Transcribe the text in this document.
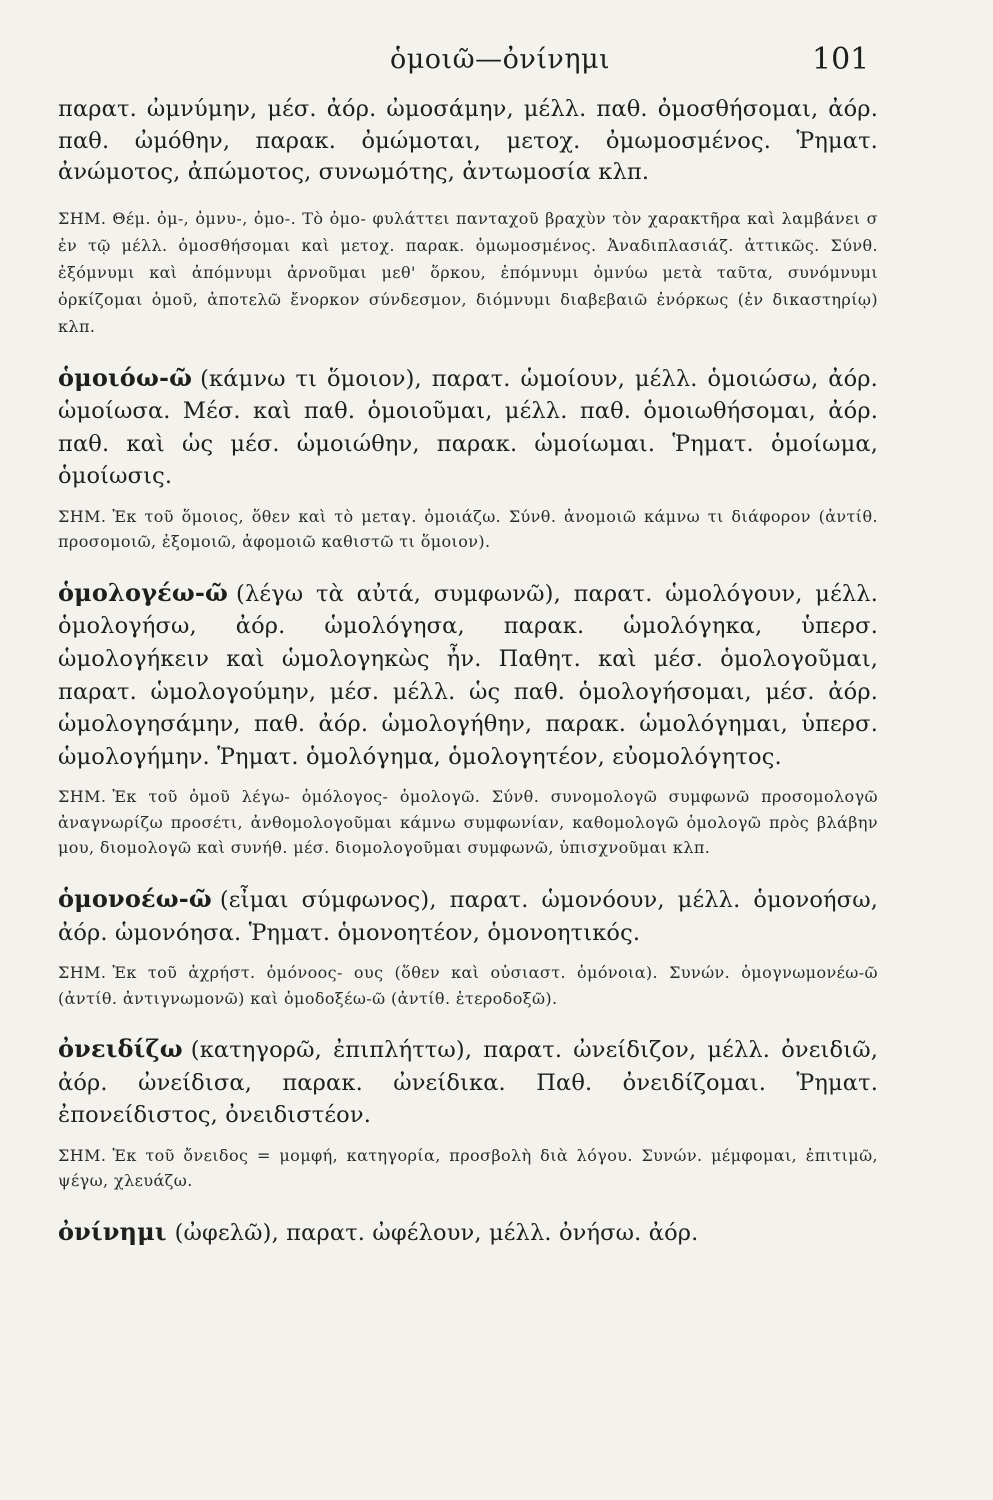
ὁμοιῶ—ὀνίνημι	101
παρατ. ὠμνύμην, μέσ. ἀόρ. ὠμοσάμην, μέλλ. παθ. ὀμοσθήσομαι, ἀόρ. παθ. ὠμόθην, παρακ. ὀμώμοται, μετοχ. ὀμωμοσμένος. Ῥηματ. ἀνώμοτος, ἀπώμοτος, συνωμότης, ἀντωμοσία κλπ.
ΣΗΜ. Θέμ. ὀμ-, ὀμνυ-, ὀμο-. Τὸ ὀμο- φυλάττει πανταχοῦ βραχὺν τὸν χαρακτῆρα καὶ λαμβάνει σ ἐν τῷ μέλλ. ὀμοσθήσομαι καὶ μετοχ. παρακ. ὀμωμοσμένος. Ἀναδιπλασιάζ. ἀττικῶς. Σύνθ. ἐξόμνυμι καὶ ἀπόμνυμι ἀρνοῦμαι μεθ' ὅρκου, ἐπόμνυμι ὀμνύω μετὰ ταῦτα, συνόμνυμι ὁρκίζομαι ὁμοῦ, ἀποτελῶ ἔνορκον σύνδεσμον, διόμνυμι διαβεβαιῶ ἐνόρκως (ἐν δικαστηρίῳ) κλπ.
ὁμοιόω-ῶ (κάμνω τι ὅμοιον), παρατ. ὡμοίουν, μέλλ. ὁμοιώσω, ἀόρ. ὡμοίωσα. Μέσ. καὶ παθ. ὁμοιοῦμαι, μέλλ. παθ. ὁμοιωθήσομαι, ἀόρ. παθ. καὶ ὡς μέσ. ὡμοιώθην, παρακ. ὡμοίωμαι. Ῥηματ. ὁμοίωμα, ὁμοίωσις.
ΣΗΜ. Ἐκ τοῦ ὅμοιος, ὅθεν καὶ τὸ μεταγ. ὁμοιάζω. Σύνθ. ἀνομοιῶ κάμνω τι διάφορον (ἀντίθ. προσομοιῶ, ἐξομοιῶ, ἀφομοιῶ καθιστῶ τι ὅμοιον).
ὁμολογέω-ῶ (λέγω τὰ αὐτά, συμφωνῶ), παρατ. ὡμολόγουν, μέλλ. ὁμολογήσω, ἀόρ. ὡμολόγησα, παρακ. ὡμολόγηκα, ὑπερσ. ὡμολογήκειν καὶ ὡμολογηκὼς ἦν. Παθητ. καὶ μέσ. ὁμολογοῦμαι, παρατ. ὡμολογούμην, μέσ. μέλλ. ὡς παθ. ὁμολογήσομαι, μέσ. ἀόρ. ὡμολογησάμην, παθ. ἀόρ. ὡμολογήθην, παρακ. ὡμολόγημαι, ὑπερσ. ὡμολογήμην. Ῥηματ. ὁμολόγημα, ὁμολογητέον, εὐομολόγητος.
ΣΗΜ. Ἐκ τοῦ ὁμοῦ λέγω- ὁμόλογος- ὁμολογῶ. Σύνθ. συνομολογῶ συμφωνῶ προσομολογῶ ἀναγνωρίζω προσέτι, ἀνθομολογοῦμαι κάμνω συμφωνίαν, καθομολογῶ ὁμολογῶ πρὸς βλάβην μου, διομολογῶ καὶ συνήθ. μέσ. διομολογοῦμαι συμφωνῶ, ὑπισχνοῦμαι κλπ.
ὁμονοέω-ῶ (εἶμαι σύμφωνος), παρατ. ὡμονόουν, μέλλ. ὁμονοήσω, ἀόρ. ὡμονόησα. Ῥηματ. ὁμονοητέον, ὁμονοητικός.
ΣΗΜ. Ἐκ τοῦ ἀχρήστ. ὁμόνοος- ους (ὅθεν καὶ οὐσιαστ. ὁμόνοια). Συνών. ὁμογνωμονέω-ῶ (ἀντίθ. ἀντιγνωμονῶ) καὶ ὁμοδοξέω-ῶ (ἀντίθ. ἑτεροδοξῶ).
ὀνειδίζω (κατηγορῶ, ἐπιπλήττω), παρατ. ὠνείδιζον, μέλλ. ὀνειδιῶ, ἀόρ. ὠνείδισα, παρακ. ὠνείδικα. Παθ. ὀνειδίζομαι. Ῥηματ. ἐπονείδιστος, ὀνειδιστέον.
ΣΗΜ. Ἐκ τοῦ ὄνειδος = μομφή, κατηγορία, προσβολὴ διὰ λόγου. Συνών. μέμφομαι, ἐπιτιμῶ, ψέγω, χλευάζω.
ὀνίνημι (ὠφελῶ), παρατ. ὠφέλουν, μέλλ. ὀνήσω. ἀόρ.
